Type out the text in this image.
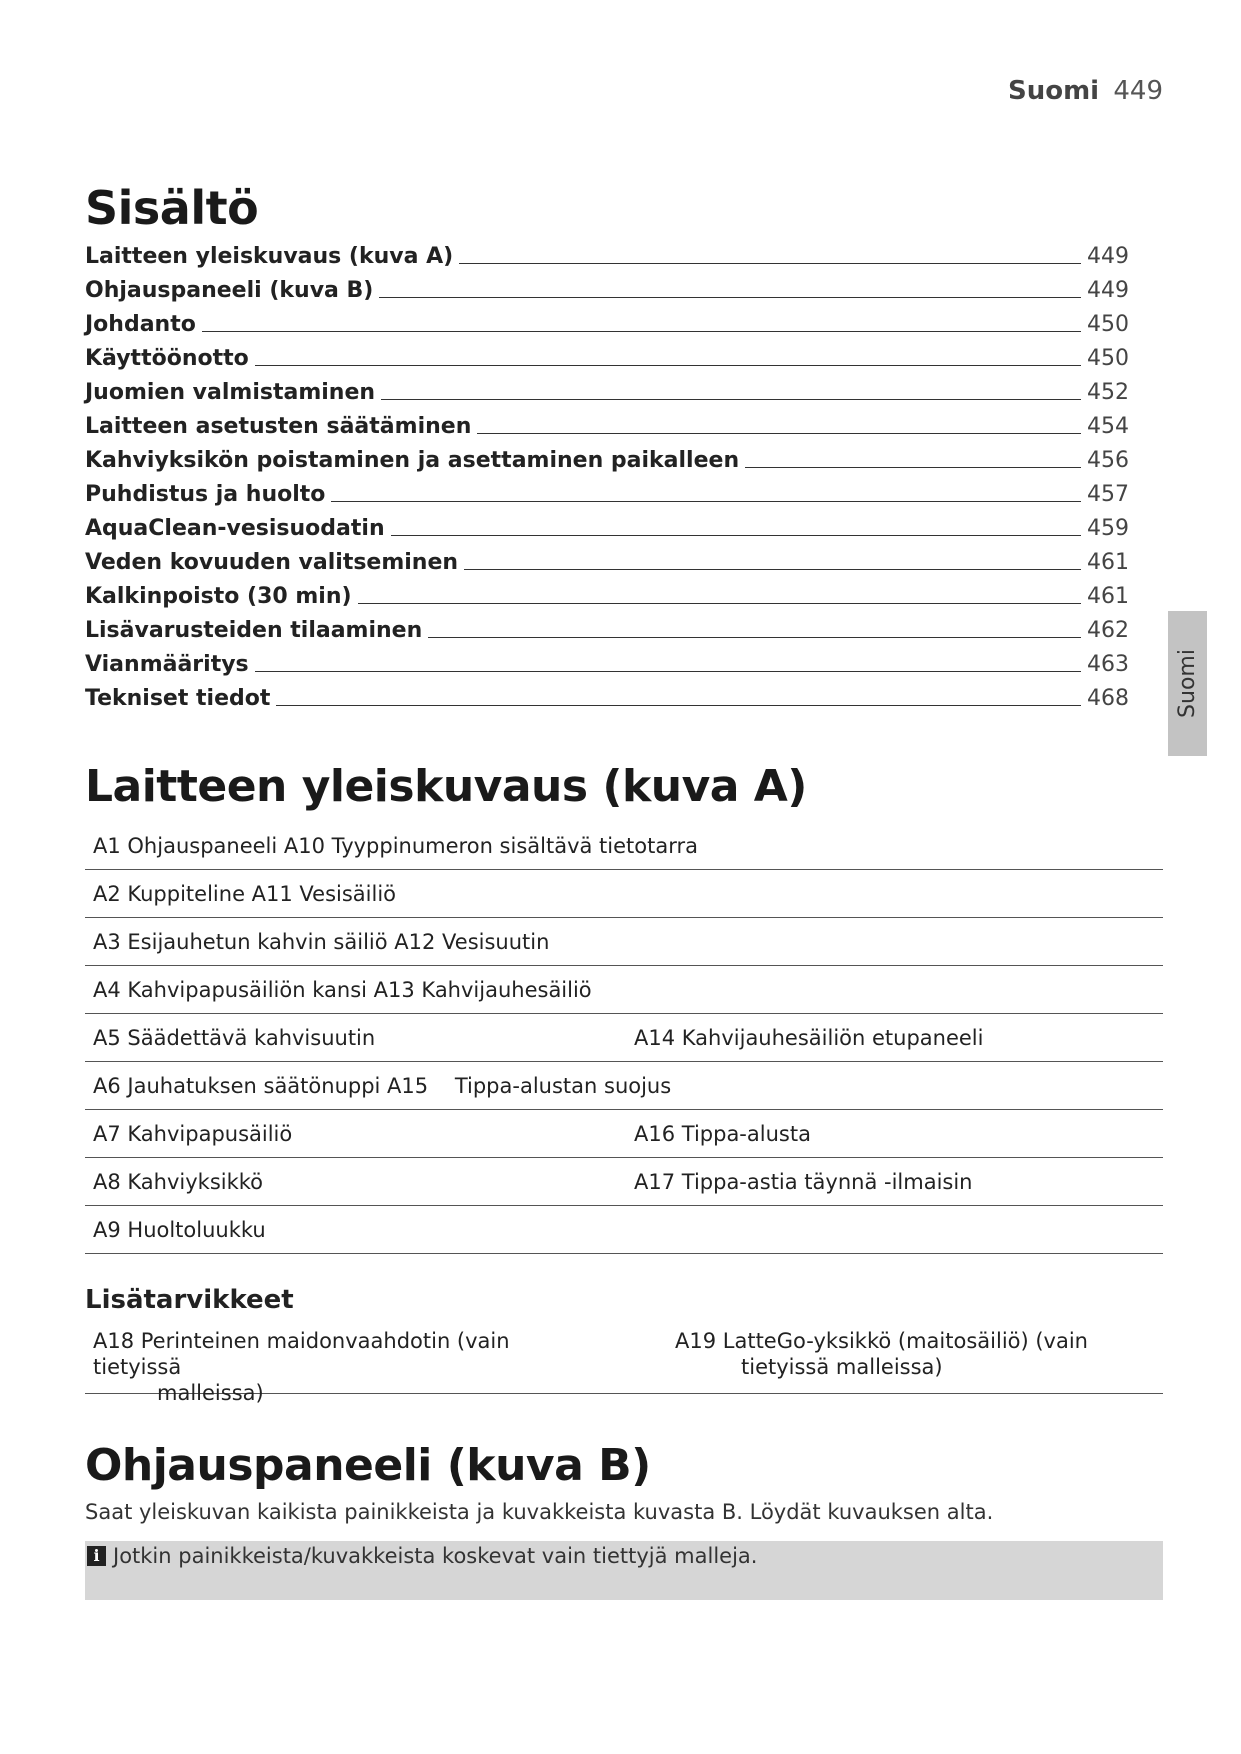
Suomi 449
Suomi
Sisältö
Laitteen yleiskuvaus (kuva A)	449
Ohjauspaneeli (kuva B)	449
Johdanto	450
Käyttöönotto	450
Juomien valmistaminen	452
Laitteen asetusten säätäminen	454
Kahviyksikön poistaminen ja asettaminen paikalleen	456
Puhdistus ja huolto	457
AquaClean-vesisuodatin	459
Veden kovuuden valitseminen	461
Kalkinpoisto (30 min)	461
Lisävarusteiden tilaaminen	462
Vianmääritys	463
Tekniset tiedot	468
Laitteen yleiskuvaus (kuva A)
A1 Ohjauspaneeli A10 Tyyppinumeron sisältävä tietotarra
A2 Kuppiteline A11 Vesisäiliö
A3 Esijauhetun kahvin säiliö A12 Vesisuutin
A4 Kahvipapusäiliön kansi A13 Kahvijauhesäiliö
A5 Säädettävä kahvisuutin	A14 Kahvijauhesäiliön etupaneeli
A6 Jauhatuksen säätönuppi A15    Tippa-alustan suojus
A7 Kahvipapusäiliö	A16 Tippa-alusta
A8 Kahviyksikkö	A17 Tippa-astia täynnä -ilmaisin
A9 Huoltoluukku
Lisätarvikkeet
A18 Perinteinen maidonvaahdotin (vain tietyissä
malleissa)
A19 LatteGo-yksikkö (maitosäiliö) (vain
tietyissä malleissa)
Ohjauspaneeli (kuva B)
Saat yleiskuvan kaikista painikkeista ja kuvakkeista kuvasta B. Löydät kuvauksen alta.
i Jotkin painikkeista/kuvakkeista koskevat vain tiettyjä malleja.
